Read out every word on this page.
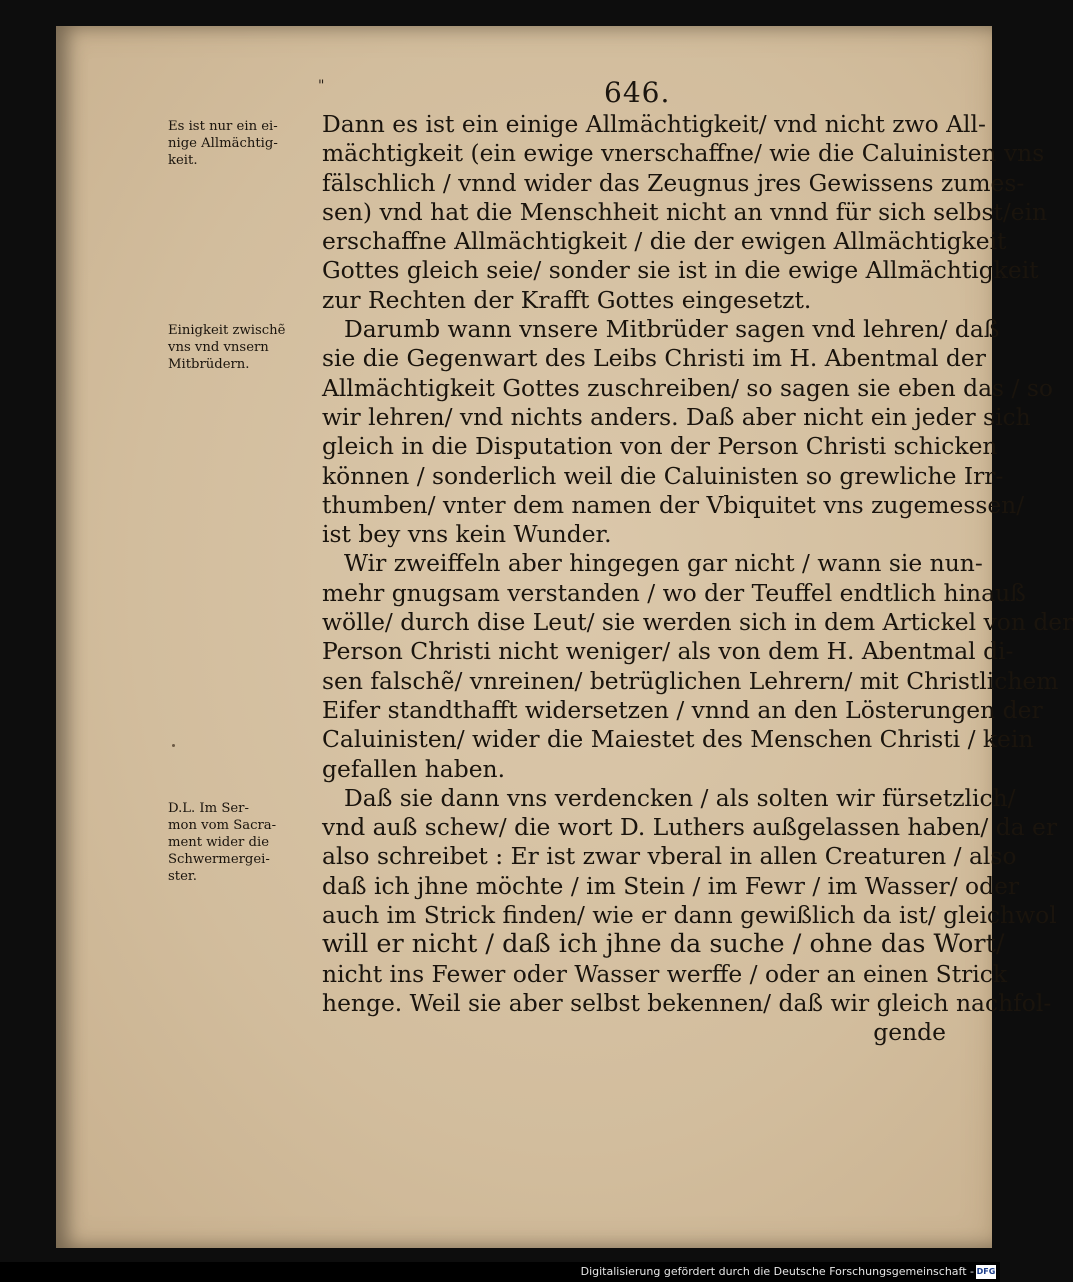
"	646.
Es ist nur ein ei-
nige Allmächtig-
keit.
Einigkeit zwischẽ
vns vnd vnsern
Mitbrüdern.
D.L. Im Ser-
mon vom Sacra-
ment wider die
Schwermergei-
ster.
Dann es ist ein einige Allmächtigkeit/ vnd nicht zwo All-
mächtigkeit (ein ewige vnerschaffne/ wie die Caluinisten vns
fälschlich / vnnd wider das Zeugnus jres Gewissens zumes-
sen) vnd hat die Menschheit nicht an vnnd für sich selbst/ein
erschaffne Allmächtigkeit / die der ewigen Allmächtigkeit
Gottes gleich seie/ sonder sie ist in die ewige Allmächtigkeit
zur Rechten der Krafft Gottes eingesetzt.
Darumb wann vnsere Mitbrüder sagen vnd lehren/ daß
sie die Gegenwart des Leibs Christi im H. Abentmal der
Allmächtigkeit Gottes zuschreiben/ so sagen sie eben das / so
wir lehren/ vnd nichts anders. Daß aber nicht ein jeder sich
gleich in die Disputation von der Person Christi schicken
können / sonderlich weil die Caluinisten so grewliche Irr-
thumben/ vnter dem namen der Vbiquitet vns zugemessen/
ist bey vns kein Wunder.
Wir zweiffeln aber hingegen gar nicht / wann sie nun-
mehr gnugsam verstanden / wo der Teuffel endtlich hinauß
wölle/ durch dise Leut/ sie werden sich in dem Artickel von der
Person Christi nicht weniger/ als von dem H. Abentmal di-
sen falschẽ/ vnreinen/ betrüglichen Lehrern/ mit Christlichem
Eifer standthafft widersetzen / vnnd an den Lösterungen der
Caluinisten/ wider die Maiestet des Menschen Christi / kein
gefallen haben.
Daß sie dann vns verdencken / als solten wir fürsetzlich/
vnd auß schew/ die wort D. Luthers außgelassen haben/ da er
also schreibet : Er ist zwar vberal in allen Creaturen / also
daß ich jhne möchte / im Stein / im Fewr / im Wasser/ oder
auch im Strick finden/ wie er dann gewißlich da ist/ gleichwol
will er nicht / daß ich jhne da suche / ohne das Wort/
nicht ins Fewer oder Wasser werffe / oder an einen Strick
henge. Weil sie aber selbst bekennen/ daß wir gleich nachfol-
gende
Digitalisierung gefördert durch die Deutsche Forschungsgemeinschaft - DFG
